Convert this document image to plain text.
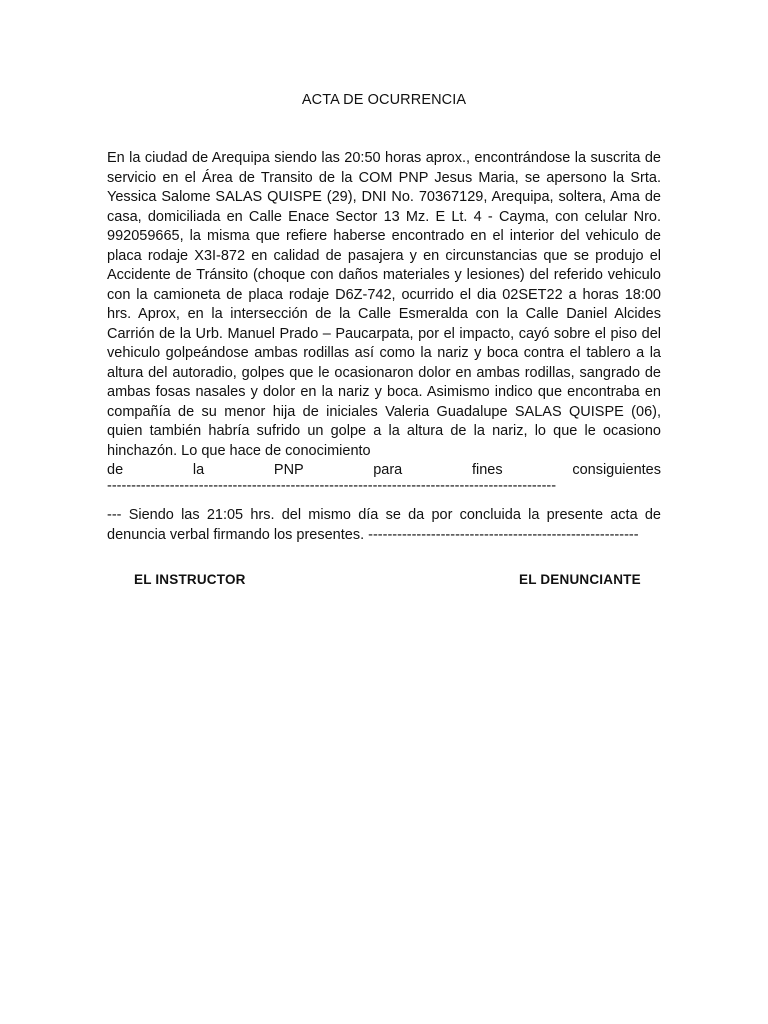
ACTA DE OCURRENCIA
En la ciudad de Arequipa siendo las 20:50 horas aprox., encontrándose la suscrita de servicio en el Área de Transito de la COM PNP Jesus Maria, se apersono la Srta. Yessica Salome SALAS QUISPE (29), DNI No. 70367129, Arequipa, soltera, Ama de casa, domiciliada en Calle Enace Sector 13 Mz. E Lt. 4 - Cayma, con celular Nro. 992059665, la misma que refiere haberse encontrado en el interior del vehiculo de placa rodaje X3I-872 en calidad de pasajera y en circunstancias que se produjo el Accidente de Tránsito (choque con daños materiales y lesiones) del referido vehiculo con la camioneta de placa rodaje D6Z-742, ocurrido el dia 02SET22 a horas 18:00 hrs. Aprox, en la intersección de la Calle Esmeralda con la Calle Daniel Alcides Carrión de la Urb. Manuel Prado – Paucarpata, por el impacto, cayó sobre el piso del vehiculo golpeándose ambas rodillas así como la nariz y boca contra el tablero a la altura del autoradio, golpes que le ocasionaron dolor en ambas rodillas, sangrado de ambas fosas nasales y dolor en la nariz y boca. Asimismo indico que encontraba en compañía de su menor hija de iniciales Valeria Guadalupe SALAS QUISPE (06), quien también habría sufrido un golpe a la altura de la nariz, lo que le ocasiono hinchazón. Lo que hace de conocimiento
de la PNP para fines consiguientes
---------------------------------------------------------------------------------------------
--- Siendo las 21:05 hrs. del mismo día se da por concluida la presente acta de denuncia verbal firmando los presentes. --------------------------------------------------------
EL INSTRUCTOR	EL DENUNCIANTE
